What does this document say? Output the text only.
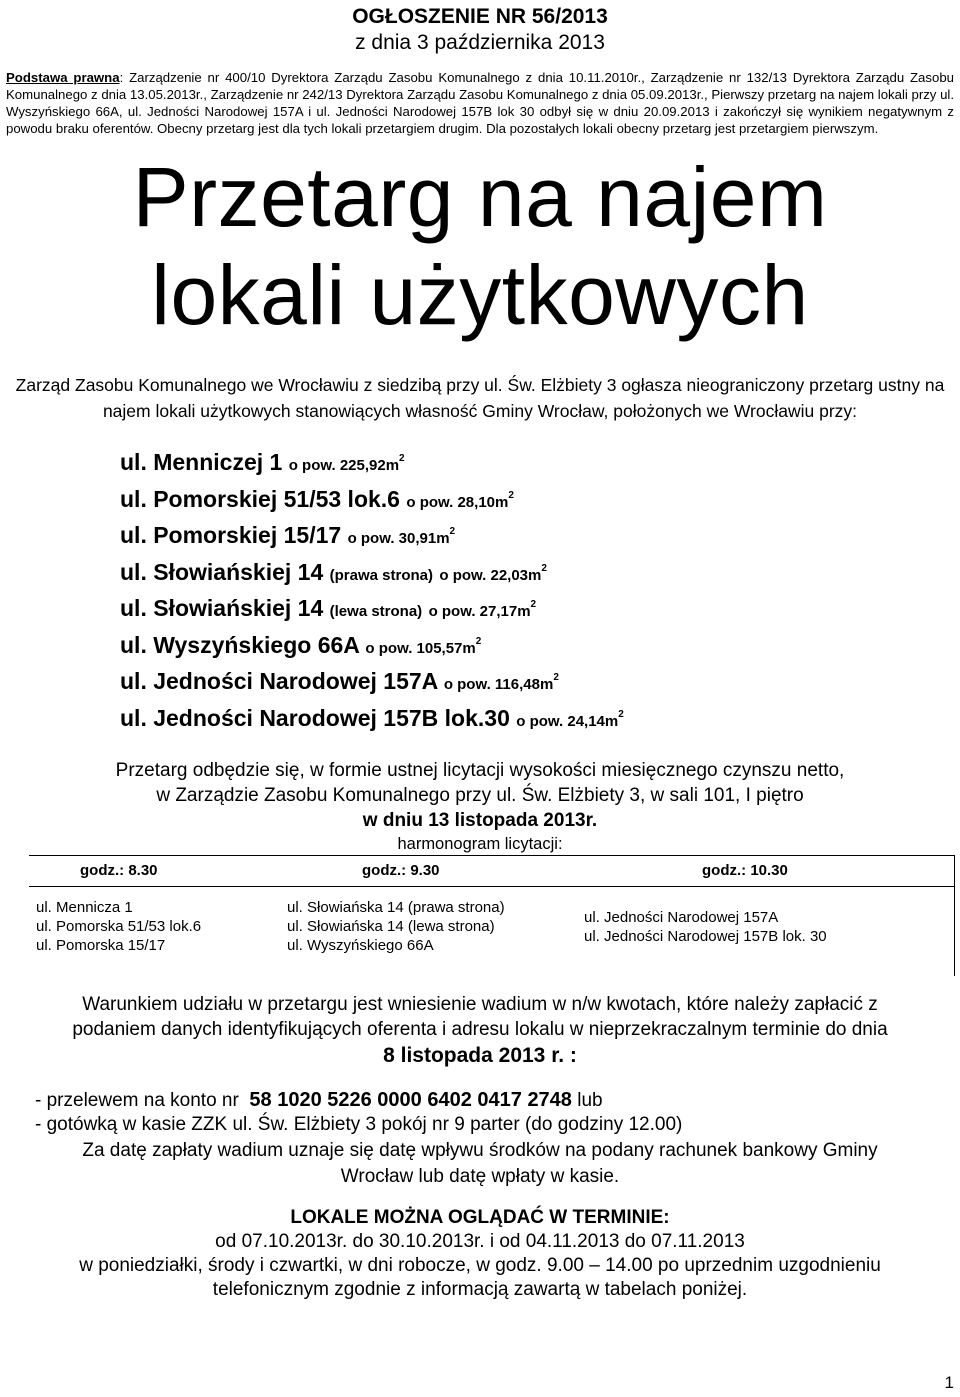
OGŁOSZENIE NR 56/2013
z dnia 3 października 2013
Podstawa prawna: Zarządzenie nr 400/10 Dyrektora Zarządu Zasobu Komunalnego z dnia 10.11.2010r., Zarządzenie nr 132/13 Dyrektora Zarządu Zasobu Komunalnego z dnia 13.05.2013r., Zarządzenie nr 242/13 Dyrektora Zarządu Zasobu Komunalnego z dnia 05.09.2013r., Pierwszy przetarg na najem lokali przy ul. Wyszyńskiego 66A, ul. Jedności Narodowej 157A i ul. Jedności Narodowej 157B lok 30 odbył się w dniu 20.09.2013 i zakończył się wynikiem negatywnym z powodu braku oferentów. Obecny przetarg jest dla tych lokali przetargiem drugim. Dla pozostałych lokali obecny przetarg jest przetargiem pierwszym.
Przetarg na najem
lokali użytkowych
Zarząd Zasobu Komunalnego we Wrocławiu z siedzibą przy ul. Św. Elżbiety 3 ogłasza nieograniczony przetarg ustny na najem lokali użytkowych stanowiących własność Gminy Wrocław, położonych we Wrocławiu przy:
ul. Menniczej 1 o pow. $225,92m^2$
ul. Pomorskiej 51/53 lok.6 o pow. $28,10m^2$
ul. Pomorskiej 15/17 o pow. $30,91m^2$
ul. Słowiańskiej 14 (prawa strona) o pow. $22,03m^2$
ul. Słowiańskiej 14 (lewa strona) o pow. $27,17m^2$
ul. Wyszyńskiego 66A o pow. $105,57m^2$
ul. Jedności Narodowej 157A o pow. $116,48m^2$
ul. Jedności Narodowej 157B lok.30 o pow. $24,14m^2$
Przetarg odbędzie się, w formie ustnej licytacji wysokości miesięcznego czynszu netto,
w Zarządzie Zasobu Komunalnego przy ul. Św. Elżbiety 3, w sali 101, I piętro
w dniu 13 listopada 2013r.
harmonogram licytacji:
godz.: 8.30	godz.: 9.30	godz.: 10.30
ul. Mennicza 1
ul. Pomorska 51/53 lok.6
ul. Pomorska 15/17
ul. Słowiańska 14 (prawa strona)
ul. Słowiańska 14 (lewa strona)
ul. Wyszyńskiego 66A
ul. Jedności Narodowej 157A
ul. Jedności Narodowej 157B lok. 30
Warunkiem udziału w przetargu jest wniesienie wadium w n/w kwotach, które należy zapłacić z
podaniem danych identyfikujących oferenta i adresu lokalu w nieprzekraczalnym terminie do dnia
8 listopada 2013 r. :
- przelewem na konto nr 58 1020 5226 0000 6402 0417 2748 lub
- gotówką w kasie ZZK ul. Św. Elżbiety 3 pokój nr 9 parter (do godziny 12.00)
Za datę zapłaty wadium uznaje się datę wpływu środków na podany rachunek bankowy Gminy
Wrocław lub datę wpłaty w kasie.
LOKALE MOŻNA OGLĄDAĆ W TERMINIE:
od 07.10.2013r. do 30.10.2013r. i od 04.11.2013 do 07.11.2013
w poniedziałki, środy i czwartki, w dni robocze, w godz. 9.00 – 14.00 po uprzednim uzgodnieniu
telefonicznym zgodnie z informacją zawartą w tabelach poniżej.
1
